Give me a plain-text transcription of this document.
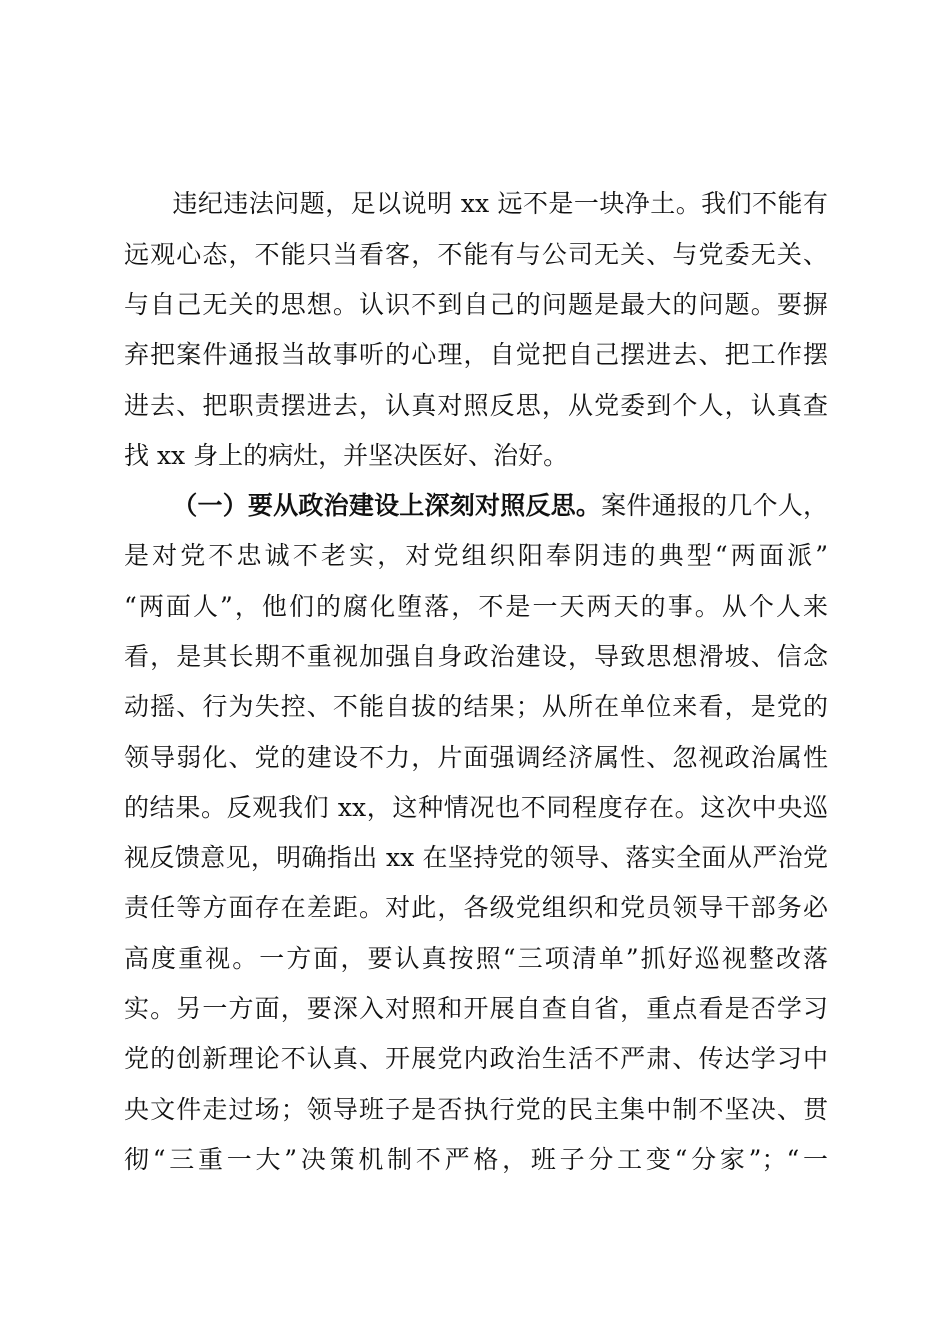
违纪违法问题，足以说明 xx 远不是一块净土。我们不能有
远观心态，不能只当看客，不能有与公司无关、与党委无关、
与自己无关的思想。认识不到自己的问题是最大的问题。要摒
弃把案件通报当故事听的心理，自觉把自己摆进去、把工作摆
进去、把职责摆进去，认真对照反思，从党委到个人，认真查
找 xx 身上的病灶，并坚决医好、治好。
（一）要从政治建设上深刻对照反思。案件通报的几个人，
是对党不忠诚不老实，对党组织阳奉阴违的典型“两面派”
“两面人”，他们的腐化堕落，不是一天两天的事。从个人来
看，是其长期不重视加强自身政治建设，导致思想滑坡、信念
动摇、行为失控、不能自拔的结果；从所在单位来看，是党的
领导弱化、党的建设不力，片面强调经济属性、忽视政治属性
的结果。反观我们 xx，这种情况也不同程度存在。这次中央巡
视反馈意见，明确指出 xx 在坚持党的领导、落实全面从严治党
责任等方面存在差距。对此，各级党组织和党员领导干部务必
高度重视。一方面，要认真按照“三项清单”抓好巡视整改落
实。另一方面，要深入对照和开展自查自省，重点看是否学习
党的创新理论不认真、开展党内政治生活不严肃、传达学习中
央文件走过场；领导班子是否执行党的民主集中制不坚决、贯
彻“三重一大”决策机制不严格，班子分工变“分家”；“一
